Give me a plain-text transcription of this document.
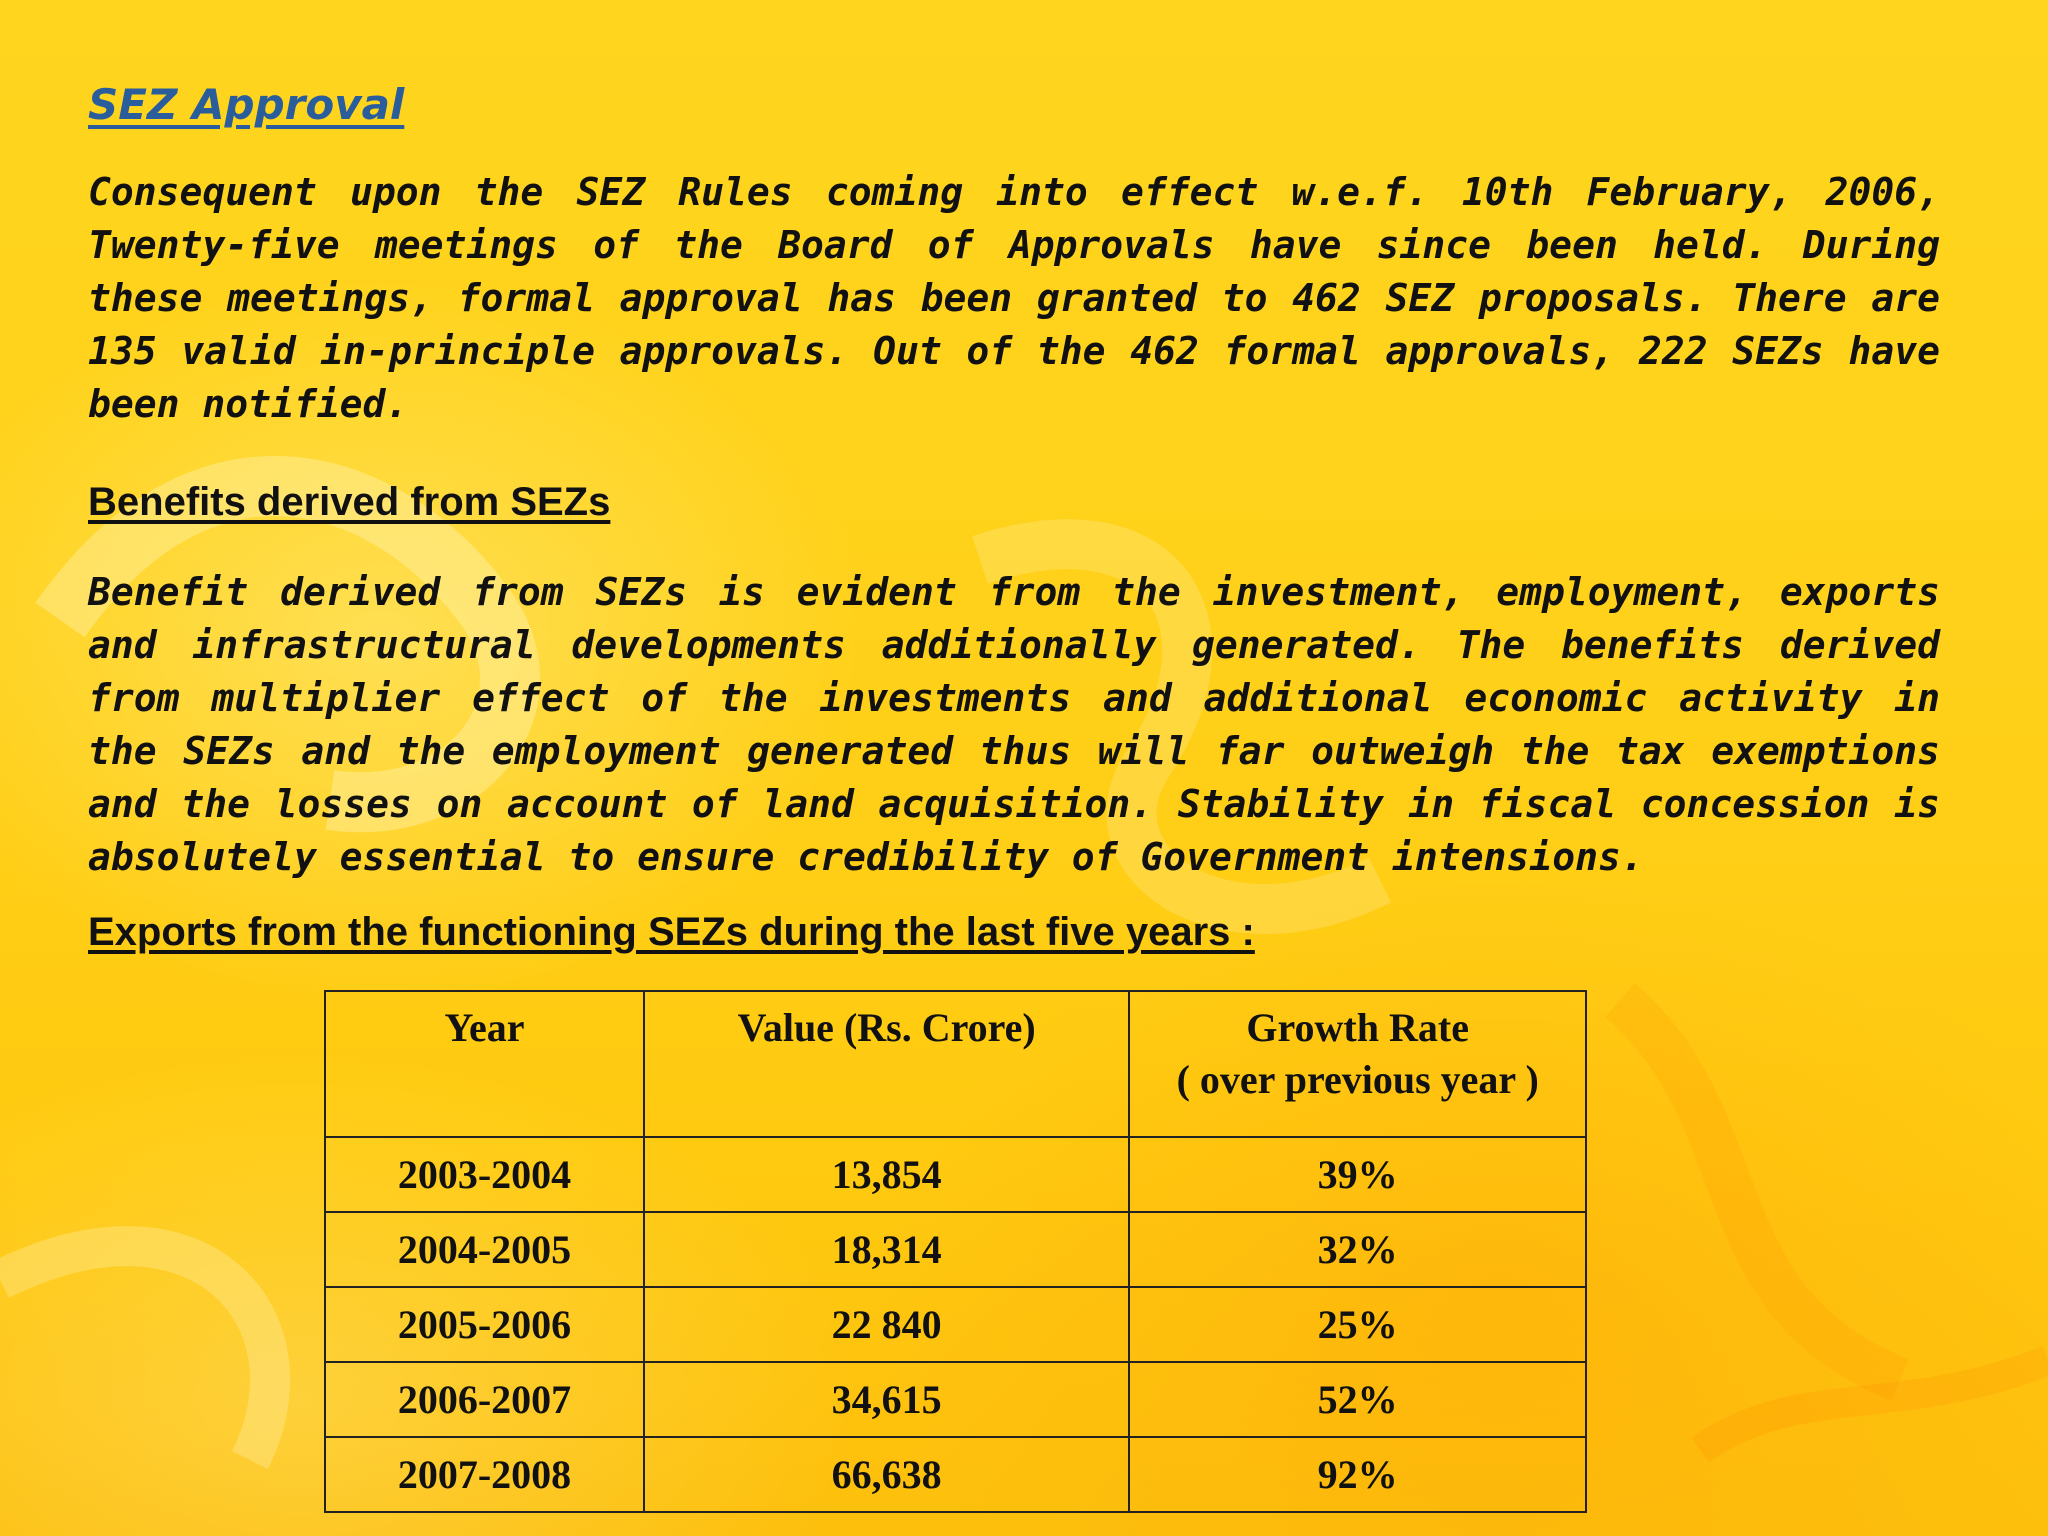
SEZ Approval

Consequent upon the SEZ Rules coming into effect w.e.f. 10th February, 2006, Twenty-five meetings of the Board of Approvals have since been held. During these meetings, formal approval has been granted to 462 SEZ proposals. There are 135 valid in-principle approvals. Out of the 462 formal approvals, 222 SEZs have been notified.

Benefits derived from SEZs

Benefit derived from SEZs is evident from the investment, employment, exports and infrastructural developments additionally generated. The benefits derived from multiplier effect of the investments and additional economic activity in the SEZs and the employment generated thus will far outweigh the tax exemptions and the losses on account of land acquisition. Stability in fiscal concession is absolutely essential to ensure credibility of Government intensions.

Exports from the functioning SEZs during the last five years :
Year	Value (Rs. Crore)	Growth Rate
( over previous year )

2003-2004	13,854	39%
2004-2005	18,314	32%
2005-2006	22 840	25%
2006-2007	34,615	52%
2007-2008	66,638	92%
